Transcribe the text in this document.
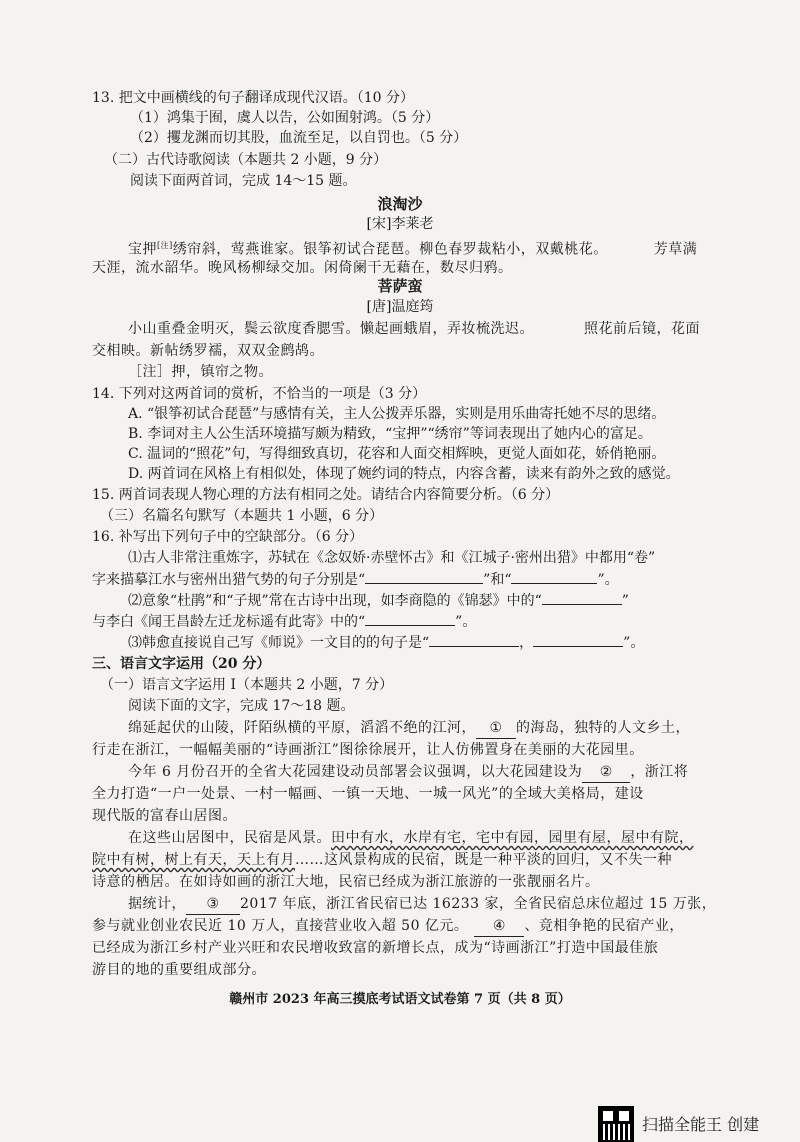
13. 把文中画横线的句子翻译成现代汉语。（10 分）
（1）鸿集于囿，虞人以告，公如囿射鸿。（5 分）
（2）攫龙渊而切其股，血流至足，以自罚也。（5 分）
（二）古代诗歌阅读（本题共 2 小题，9 分）
阅读下面两首词，完成 14～15 题。
浪淘沙
[宋]李莱老
宝押[注]绣帘斜，莺燕谁家。银筝初试合琵琶。柳色春罗裁粘小，双戴桃花。	芳草满
天涯，流水韶华。晚风杨柳绿交加。闲倚阑干无藉在，数尽归鸦。
菩萨蛮
[唐]温庭筠
小山重叠金明灭，鬓云欲度香腮雪。懒起画蛾眉，弄妆梳洗迟。	照花前后镜，花面
交相映。新帖绣罗襦，双双金鹧鸪。
［注］押，镇帘之物。
14. 下列对这两首词的赏析，不恰当的一项是（3 分）
A. “银筝初试合琵琶”与感情有关，主人公拨弄乐器，实则是用乐曲寄托她不尽的思绪。
B. 李词对主人公生活环境描写颇为精致，“宝押”“绣帘”等词表现出了她内心的富足。
C. 温词的“照花”句，写得细致真切，花容和人面交相辉映，更觉人面如花，娇俏艳丽。
D. 两首词在风格上有相似处，体现了婉约词的特点，内容含蓄，读来有韵外之致的感觉。
15. 两首词表现人物心理的方法有相同之处。请结合内容简要分析。（6 分）
（三）名篇名句默写（本题共 1 小题，6 分）
16. 补写出下列句子中的空缺部分。（6 分）
⑴古人非常注重炼字，苏轼在《念奴娇·赤壁怀古》和《江城子·密州出猎》中都用“卷”
字来描摹江水与密州出猎气势的句子分别是“	”和“	”。
⑵意象“杜鹃”和“子规”常在古诗中出现，如李商隐的《锦瑟》中的“	”
与李白《闻王昌龄左迁龙标遥有此寄》中的“	”。
⑶韩愈直接说自己写《师说》一文目的的句子是“	，	”。
三、语言文字运用（20 分）
（一）语言文字运用 Ⅰ（本题共 2 小题，7 分）
阅读下面的文字，完成 17～18 题。
绵延起伏的山陵，阡陌纵横的平原，滔滔不绝的江河， ① 的海岛，独特的人文乡土，
行走在浙江，一幅幅美丽的“诗画浙江”图徐徐展开，让人仿佛置身在美丽的大花园里。
今年 6 月份召开的全省大花园建设动员部署会议强调，以大花园建设为 ② ，浙江将
全力打造“一户一处景、一村一幅画、一镇一天地、一城一风光”的全域大美格局，建设
现代版的富春山居图。
在这些山居图中，民宿是风景。田中有水，水岸有宅，宅中有园，园里有屋，屋中有院，
院中有树，树上有天，天上有月……这风景构成的民宿，既是一种平淡的回归，又不失一种
诗意的栖居。在如诗如画的浙江大地，民宿已经成为浙江旅游的一张靓丽名片。
据统计， ③ 2017 年底，浙江省民宿已达 16233 家，全省民宿总床位超过 15 万张，
参与就业创业农民近 10 万人，直接营业收入超 50 亿元。 ④ 、竞相争艳的民宿产业，
已经成为浙江乡村产业兴旺和农民增收致富的新增长点，成为“诗画浙江”打造中国最佳旅
游目的地的重要组成部分。
赣州市 2023 年高三摸底考试语文试卷第 7 页（共 8 页）
扫描全能王 创建
